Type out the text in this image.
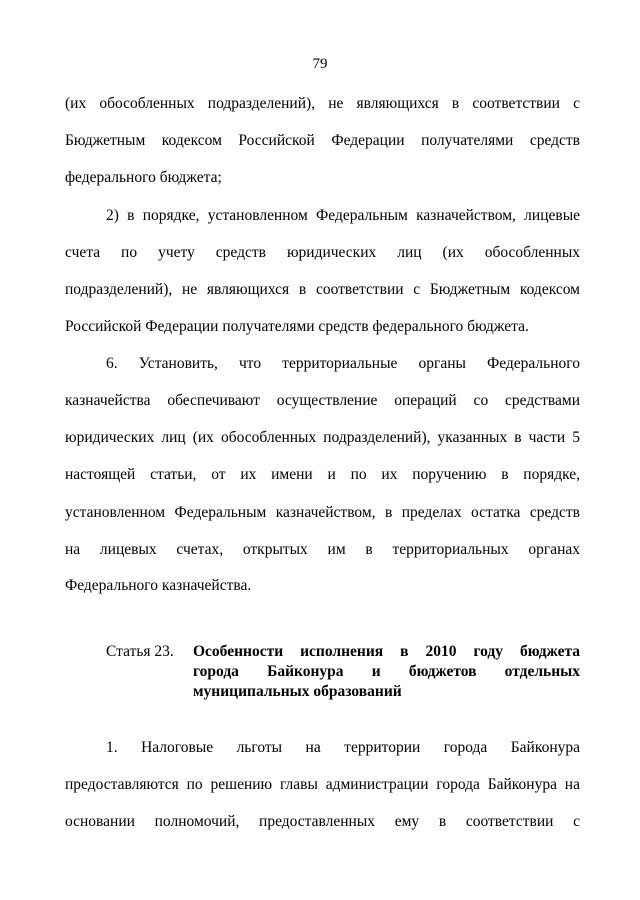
79
(их обособленных подразделений), не являющихся в соответствии с
Бюджетным кодексом Российской Федерации получателями средств
федерального бюджета;
2) в порядке, установленном Федеральным казначейством, лицевые
счета по учету средств юридических лиц (их обособленных
подразделений), не являющихся в соответствии с Бюджетным кодексом
Российской Федерации получателями средств федерального бюджета.
6. Установить, что территориальные органы Федерального
казначейства обеспечивают осуществление операций со средствами
юридических лиц (их обособленных подразделений), указанных в части 5
настоящей статьи, от их имени и по их поручению в порядке,
установленном Федеральным казначейством, в пределах остатка средств
на лицевых счетах, открытых им в территориальных органах
Федерального казначейства.
Статья 23. Особенности исполнения в 2010 году бюджета
города Байконура и бюджетов отдельных
муниципальных образований
1. Налоговые льготы на территории города Байконура
предоставляются по решению главы администрации города Байконура на
основании полномочий, предоставленных ему в соответствии с
